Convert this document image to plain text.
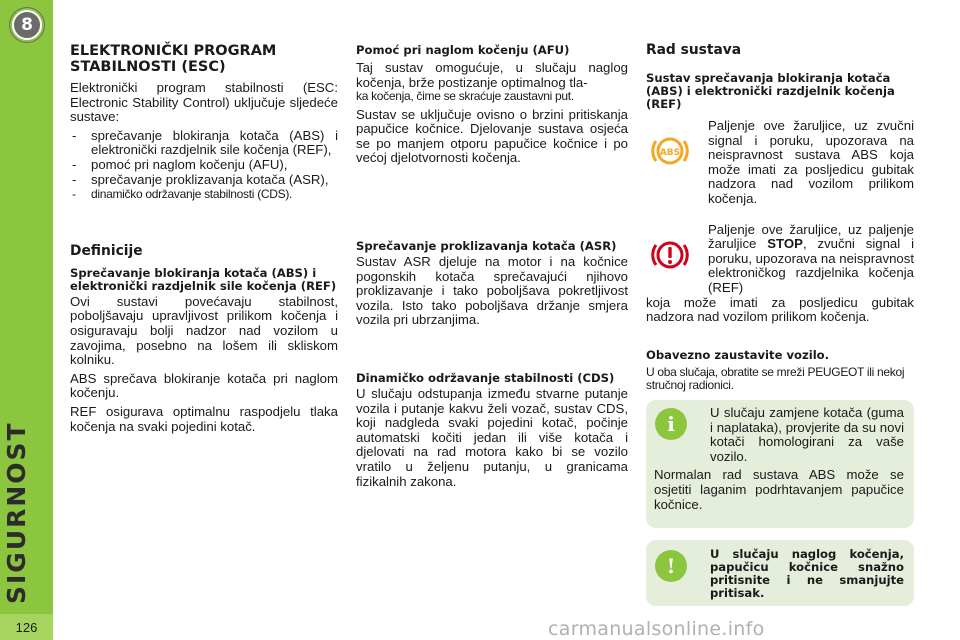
8
SIGURNOST
126
ELEKTRONIČKI PROGRAM STABILNOSTI (ESC)

Elektronički program stabilnosti (ESC: Electronic Stability Control) uključuje sljedeće sustave:

- sprečavanje blokiranja kotača (ABS) i elektronički razdjelnik sile kočenja (REF),
- pomoć pri naglom kočenju (AFU),
- sprečavanje proklizavanja kotača (ASR),
- dinamičko održavanje stabilnosti (CDS).
Definicije
Sprečavanje blokiranja kotača (ABS) i elektronički razdjelnik sile kočenja (REF)

Ovi sustavi povećavaju stabilnost, poboljšavaju upravljivost prilikom kočenja i osiguravaju bolji nadzor nad vozilom u zavojima, posebno na lošem ili skliskom kolniku.

ABS sprečava blokiranje kotača pri naglom kočenju.

REF osigurava optimalnu raspodjelu tlaka kočenja na svaki pojedini kotač.

Pomoć pri naglom kočenju (AFU)

Taj sustav omogućuje, u slučaju naglog kočenja, brže postizanje optimalnog tla-

ka kočenja, čime se skraćuje zaustavni put.

Sustav se uključuje ovisno o brzini pritiskanja papučice kočnice. Djelovanje sustava osjeća se po manjem otporu papučice kočnice i po većoj djelotvornosti kočenja.

Sprečavanje proklizavanja kotača (ASR)

Sustav ASR djeluje na motor i na kočnice pogonskih kotača sprečavajući njihovo proklizavanje i tako poboljšava pokretljivost vozila. Isto tako poboljšava držanje smjera vozila pri ubrzanjima.

Dinamičko održavanje stabilnosti (CDS)

U slučaju odstupanja između stvarne putanje vozila i putanje kakvu želi vozač, sustav CDS, koji nadgleda svaki pojedini kotač, počinje automatski kočiti jedan ili više kotača i djelovati na rad motora kako bi se vozilo vratilo u željenu putanju, u granicama fizikalnih zakona.

Rad sustava
Sustav sprečavanja blokiranja kotača (ABS) i elektronički razdjelnik kočenja (REF)
ABS

Paljenje ove žaruljice, uz zvučni signal i poruku, upozorava na neispravnost sustava ABS koja može imati za posljedicu gubitak nadzora nad vozilom prilikom kočenja.

Paljenje ove žaruljice, uz paljenje žaruljice STOP, zvučni signal i poruku, upozorava na neispravnost elektroničkog razdjelnika kočenja (REF)

koja može imati za posljedicu gubitak nadzora nad vozilom prilikom kočenja.

Obavezno zaustavite vozilo.

U oba slučaja, obratite se mreži PEUGEOT ili nekoj stručnoj radionici.

i	U slučaju zamjene kotača (guma i naplataka), provjerite da su novi kotači homologirani za vaše vozilo.

Normalan rad sustava ABS može se osjetiti laganim podrhtavanjem papučice kočnice.

!	U slučaju naglog kočenja, papučicu kočnice snažno pritisnite i ne smanjujte pritisak.

carmanualsonline.info
